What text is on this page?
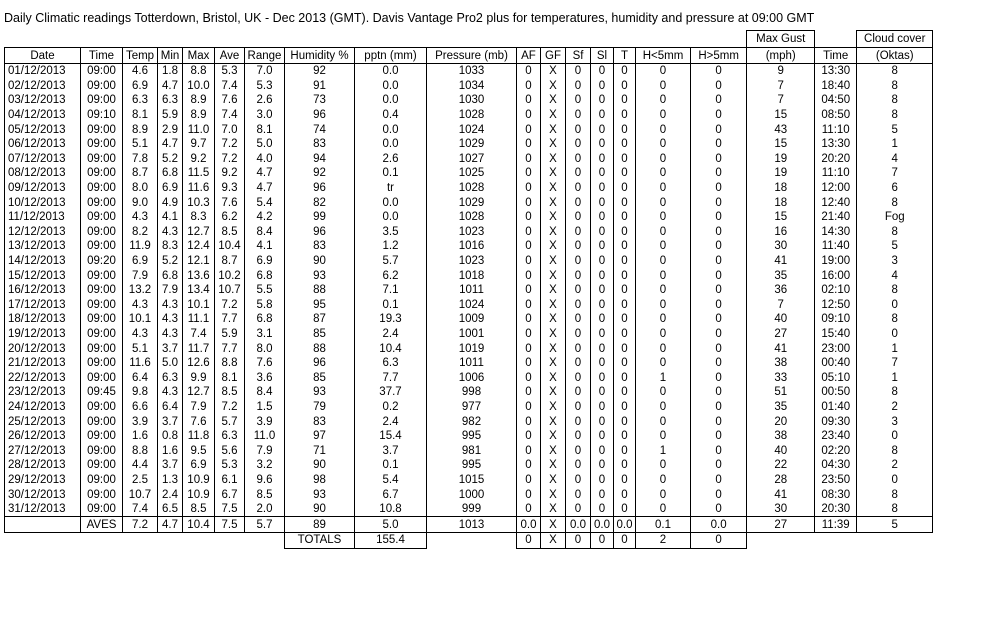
Daily Climatic readings Totterdown, Bristol, UK - Dec 2013 (GMT). Davis Vantage Pro2 plus for temperatures, humidity and pressure at 09:00 GMT
																	Max Gust		Cloud cover
Date	Time	Temp	Min	Max	Ave	Range	Humidity %	pptn (mm)	Pressure (mb)	AF	GF	Sf	Sl	T	H<5mm	H>5mm	(mph)	Time	(Oktas)
01/12/2013	09:00	4.6	1.8	8.8	5.3	7.0	92	0.0	1033	0	X	0	0	0	0	0	9	13:30	8
02/12/2013	09:00	6.9	4.7	10.0	7.4	5.3	91	0.0	1034	0	X	0	0	0	0	0	7	18:40	8
03/12/2013	09:00	6.3	6.3	8.9	7.6	2.6	73	0.0	1030	0	X	0	0	0	0	0	7	04:50	8
04/12/2013	09:10	8.1	5.9	8.9	7.4	3.0	96	0.4	1028	0	X	0	0	0	0	0	15	08:50	8
05/12/2013	09:00	8.9	2.9	11.0	7.0	8.1	74	0.0	1024	0	X	0	0	0	0	0	43	11:10	5
06/12/2013	09:00	5.1	4.7	9.7	7.2	5.0	83	0.0	1029	0	X	0	0	0	0	0	15	13:30	1
07/12/2013	09:00	7.8	5.2	9.2	7.2	4.0	94	2.6	1027	0	X	0	0	0	0	0	19	20:20	4
08/12/2013	09:00	8.7	6.8	11.5	9.2	4.7	92	0.1	1025	0	X	0	0	0	0	0	19	11:10	7
09/12/2013	09:00	8.0	6.9	11.6	9.3	4.7	96	tr	1028	0	X	0	0	0	0	0	18	12:00	6
10/12/2013	09:00	9.0	4.9	10.3	7.6	5.4	82	0.0	1029	0	X	0	0	0	0	0	18	12:40	8
11/12/2013	09:00	4.3	4.1	8.3	6.2	4.2	99	0.0	1028	0	X	0	0	0	0	0	15	21:40	Fog
12/12/2013	09:00	8.2	4.3	12.7	8.5	8.4	96	3.5	1023	0	X	0	0	0	0	0	16	14:30	8
13/12/2013	09:00	11.9	8.3	12.4	10.4	4.1	83	1.2	1016	0	X	0	0	0	0	0	30	11:40	5
14/12/2013	09:20	6.9	5.2	12.1	8.7	6.9	90	5.7	1023	0	X	0	0	0	0	0	41	19:00	3
15/12/2013	09:00	7.9	6.8	13.6	10.2	6.8	93	6.2	1018	0	X	0	0	0	0	0	35	16:00	4
16/12/2013	09:00	13.2	7.9	13.4	10.7	5.5	88	7.1	1011	0	X	0	0	0	0	0	36	02:10	8
17/12/2013	09:00	4.3	4.3	10.1	7.2	5.8	95	0.1	1024	0	X	0	0	0	0	0	7	12:50	0
18/12/2013	09:00	10.1	4.3	11.1	7.7	6.8	87	19.3	1009	0	X	0	0	0	0	0	40	09:10	8
19/12/2013	09:00	4.3	4.3	7.4	5.9	3.1	85	2.4	1001	0	X	0	0	0	0	0	27	15:40	0
20/12/2013	09:00	5.1	3.7	11.7	7.7	8.0	88	10.4	1019	0	X	0	0	0	0	0	41	23:00	1
21/12/2013	09:00	11.6	5.0	12.6	8.8	7.6	96	6.3	1011	0	X	0	0	0	0	0	38	00:40	7
22/12/2013	09:00	6.4	6.3	9.9	8.1	3.6	85	7.7	1006	0	X	0	0	0	1	0	33	05:10	1
23/12/2013	09:45	9.8	4.3	12.7	8.5	8.4	93	37.7	998	0	X	0	0	0	0	0	51	00:50	8
24/12/2013	09:00	6.6	6.4	7.9	7.2	1.5	79	0.2	977	0	X	0	0	0	0	0	35	01:40	2
25/12/2013	09:00	3.9	3.7	7.6	5.7	3.9	83	2.4	982	0	X	0	0	0	0	0	20	09:30	3
26/12/2013	09:00	1.6	0.8	11.8	6.3	11.0	97	15.4	995	0	X	0	0	0	0	0	38	23:40	0
27/12/2013	09:00	8.8	1.6	9.5	5.6	7.9	71	3.7	981	0	X	0	0	0	1	0	40	02:20	8
28/12/2013	09:00	4.4	3.7	6.9	5.3	3.2	90	0.1	995	0	X	0	0	0	0	0	22	04:30	2
29/12/2013	09:00	2.5	1.3	10.9	6.1	9.6	98	5.4	1015	0	X	0	0	0	0	0	28	23:50	0
30/12/2013	09:00	10.7	2.4	10.9	6.7	8.5	93	6.7	1000	0	X	0	0	0	0	0	41	08:30	8
31/12/2013	09:00	7.4	6.5	8.5	7.5	2.0	90	10.8	999	0	X	0	0	0	0	0	30	20:30	8
	AVES	7.2	4.7	10.4	7.5	5.7	89	5.0	1013	0.0	X	0.0	0.0	0.0	0.1	0.0	27	11:39	5
							TOTALS	155.4		0	X	0	0	0	2	0			
